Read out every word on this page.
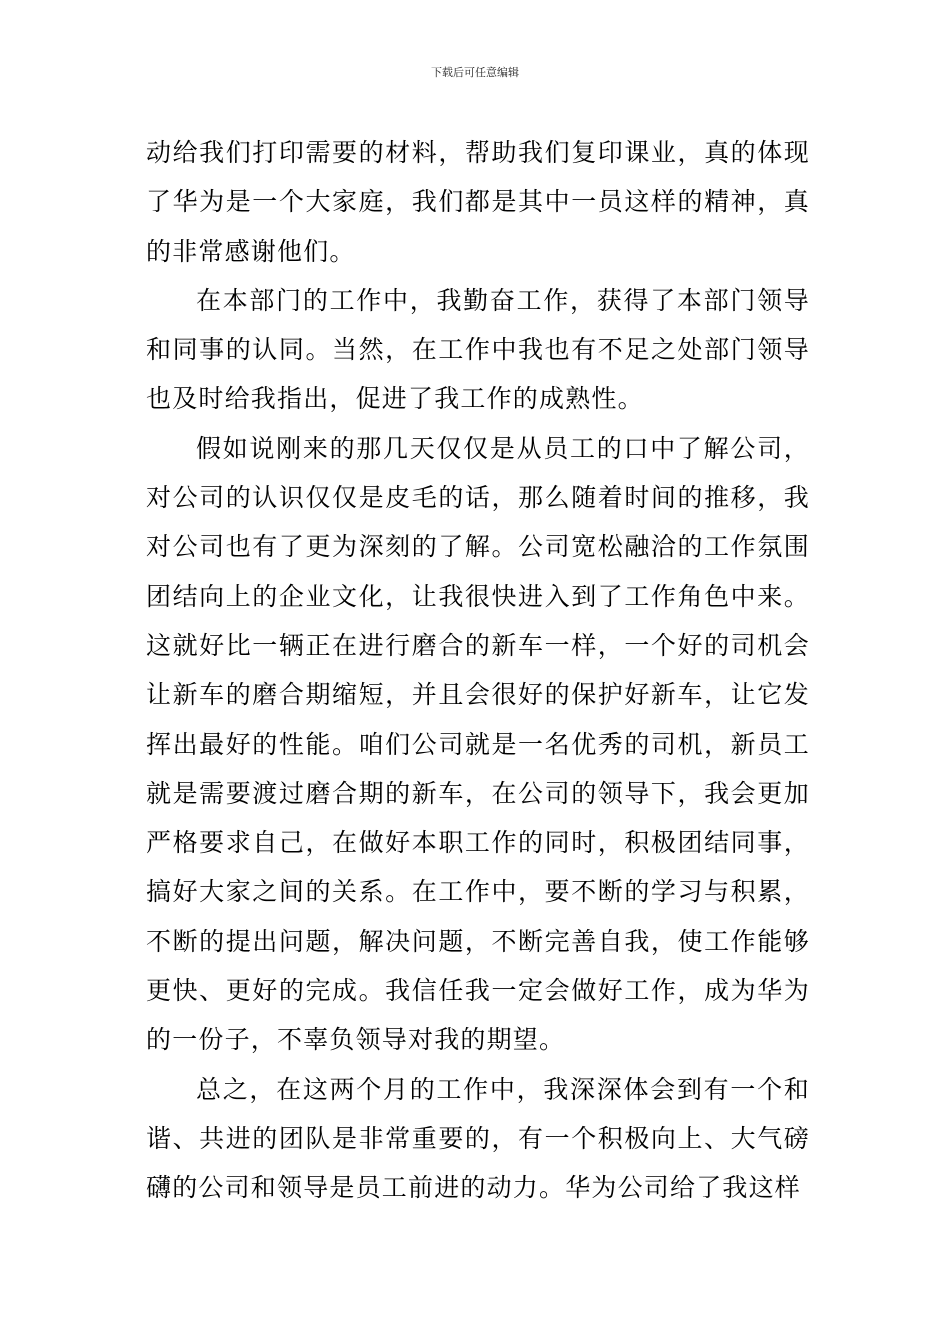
下载后可任意编辑

动给我们打印需要的材料，帮助我们复印课业，真的体现了华为是一个大家庭，我们都是其中一员这样的精神，真的非常感谢他们。

在本部门的工作中，我勤奋工作，获得了本部门领导和同事的认同。当然，在工作中我也有不足之处部门领导也及时给我指出，促进了我工作的成熟性。

假如说刚来的那几天仅仅是从员工的口中了解公司，对公司的认识仅仅是皮毛的话，那么随着时间的推移，我对公司也有了更为深刻的了解。公司宽松融洽的工作氛围团结向上的企业文化，让我很快进入到了工作角色中来。这就好比一辆正在进行磨合的新车一样，一个好的司机会让新车的磨合期缩短，并且会很好的保护好新车，让它发挥出最好的性能。咱们公司就是一名优秀的司机，新员工就是需要渡过磨合期的新车，在公司的领导下，我会更加严格要求自己，在做好本职工作的同时，积极团结同事，搞好大家之间的关系。在工作中，要不断的学习与积累，不断的提出问题，解决问题，不断完善自我，使工作能够更快、更好的完成。我信任我一定会做好工作，成为华为的一份子，不辜负领导对我的期望。

总之，在这两个月的工作中，我深深体会到有一个和谐、共进的团队是非常重要的，有一个积极向上、大气磅礴的公司和领导是员工前进的动力。华为公司给了我这样
